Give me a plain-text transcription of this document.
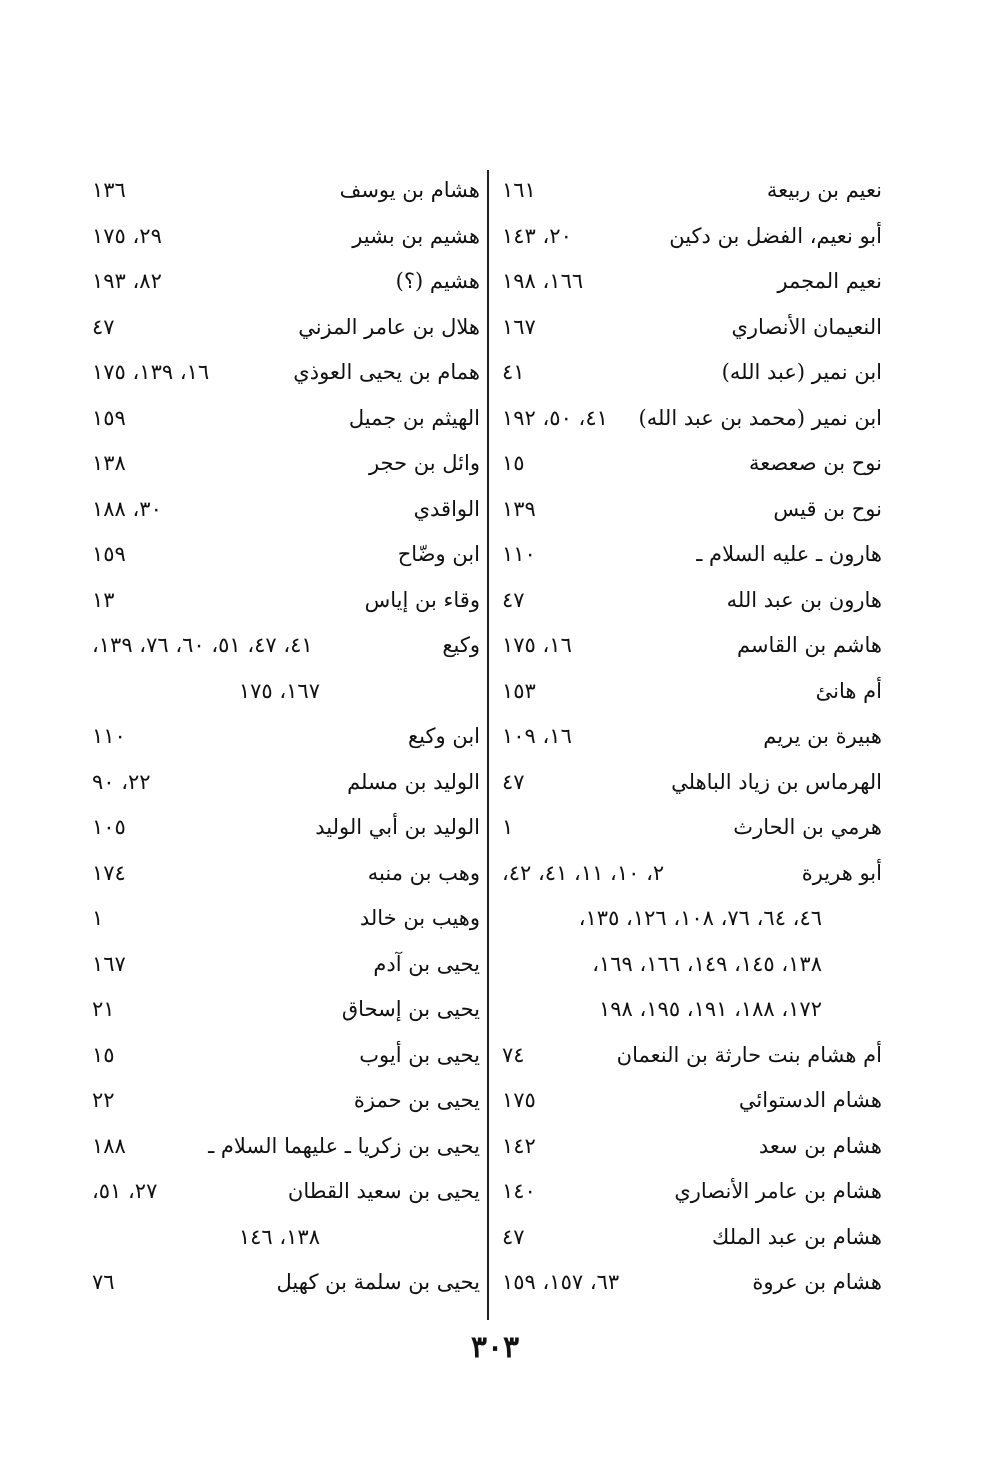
نعيم بن ربيعة
١٦١
أبو نعيم، الفضل بن دكين
٢٠، ١٤٣
نعيم المجمر
١٦٦، ١٩٨
النعيمان الأنصاري
١٦٧
ابن نمير (عبد الله)
٤١
ابن نمير (محمد بن عبد الله)
٤١، ٥٠، ١٩٢
نوح بن صعصعة
١٥
نوح بن قيس
١٣٩
هارون ـ عليه السلام ـ
١١٠
هارون بن عبد الله
٤٧
هاشم بن القاسم
١٦، ١٧٥
أم هانئ
١٥٣
هبيرة بن يريم
١٦، ١٠٩
الهرماس بن زياد الباهلي
٤٧
هرمي بن الحارث
١
أبو هريرة
٢، ١٠، ١١، ٤١، ٤٢،
٤٦، ٦٤، ٧٦، ١٠٨، ١٢٦، ١٣٥،
١٣٨، ١٤٥، ١٤٩، ١٦٦، ١٦٩،
١٧٢، ١٨٨، ١٩١، ١٩٥، ١٩٨
أم هشام بنت حارثة بن النعمان
٧٤
هشام الدستوائي
١٧٥
هشام بن سعد
١٤٢
هشام بن عامر الأنصاري
١٤٠
هشام بن عبد الملك
٤٧
هشام بن عروة
٦٣، ١٥٧، ١٥٩
هشام بن يوسف
١٣٦
هشيم بن بشير
٢٩، ١٧٥
هشيم (؟)
٨٢، ١٩٣
هلال بن عامر المزني
٤٧
همام بن يحيى العوذي
١٦، ١٣٩، ١٧٥
الهيثم بن جميل
١٥٩
وائل بن حجر
١٣٨
الواقدي
٣٠، ١٨٨
ابن وضّاح
١٥٩
وقاء بن إياس
١٣
وكيع
٤١، ٤٧، ٥١، ٦٠، ٧٦، ١٣٩،
١٦٧، ١٧٥
ابن وكيع
١١٠
الوليد بن مسلم
٢٢، ٩٠
الوليد بن أبي الوليد
١٠٥
وهب بن منبه
١٧٤
وهيب بن خالد
١
يحيى بن آدم
١٦٧
يحيى بن إسحاق
٢١
يحيى بن أيوب
١٥
يحيى بن حمزة
٢٢
يحيى بن زكريا ـ عليهما السلام ـ
١٨٨
يحيى بن سعيد القطان
٢٧، ٥١،
١٣٨، ١٤٦
يحيى بن سلمة بن كهيل
٧٦
٣٠٣
